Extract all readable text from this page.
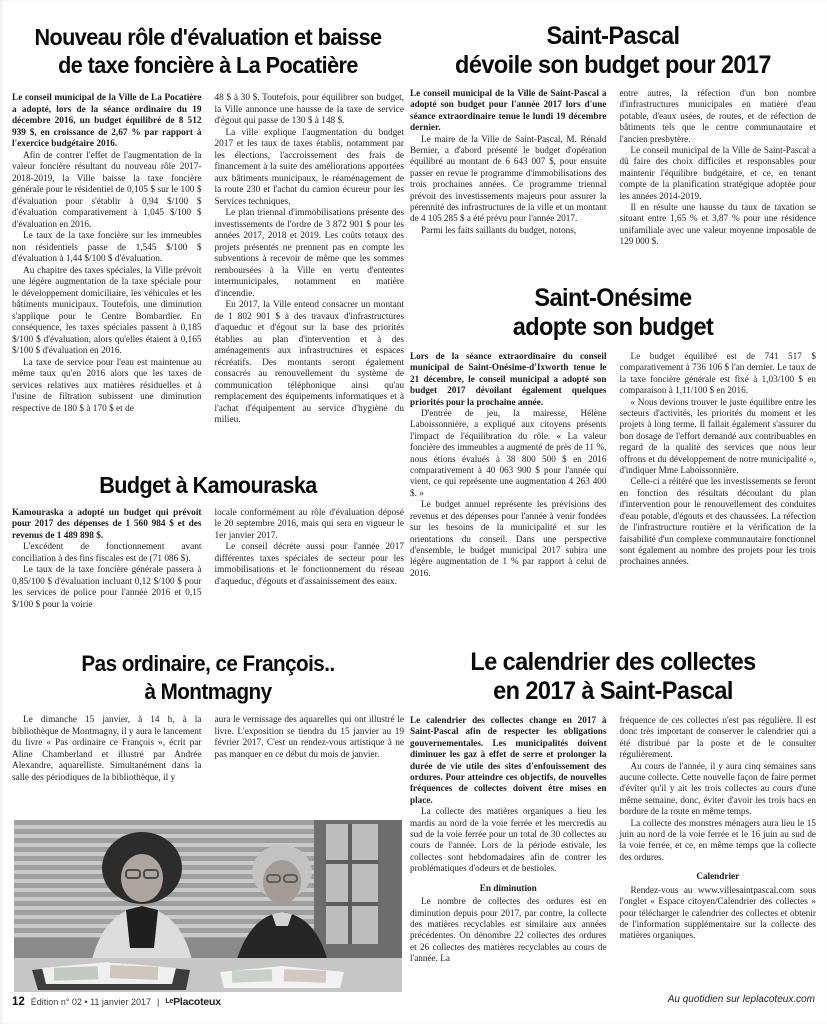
Nouveau rôle d'évaluation et baisse
de taxe foncière à La Pocatière

Le conseil municipal de la Ville de La Pocatière a adopté, lors de la séance ordinaire du 19 décembre 2016, un budget équilibré de 8 512 939 $, en croissance de 2,67 % par rapport à l'exercice budgétaire 2016.

Afin de contrer l'effet de l'augmentation de la valeur foncière résultant du nouveau rôle 2017-2018-2019, la Ville baisse la taxe foncière générale pour le résidentiel de 0,105 $ sur le 100 $ d'évaluation pour s'établir à 0,94 $/100 $ d'évaluation comparativement à 1,045 $/100 $ d'évaluation en 2016.

Le taux de la taxe foncière sur les immeubles non résidentiels passe de 1,545 $/100 $ d'évaluation à 1,44 $/100 $ d'évaluation.

Au chapitre des taxes spéciales, la Ville prévoit une légère augmentation de la taxe spéciale pour le développement domiciliaire, les véhicules et les bâtiments municipaux. Toutefois, une diminution s'applique pour le Centre Bombardier. En conséquence, les taxes spéciales passent à 0,185 $/100 $ d'évaluation, alors qu'elles étaient à 0,165 $/100 $ d'évaluation en 2016.

La taxe de service pour l'eau est maintenue au même taux qu'en 2016 alors que les taxes de services relatives aux matières résiduelles et à l'usine de filtration subissent une diminution respective de 180 $ à 170 $ et de

48 $ à 30 $. Toutefois, pour équilibrer son budget, la Ville annonce une hausse de la taxe de service d'égout qui passe de 130 $ à 148 $.

La ville explique l'augmentation du budget 2017 et les taux de taxes établis, notamment par les élections, l'accroissement des frais de financement à la suite des améliorations apportées aux bâtiments municipaux, le réaménagement de la route 230 et l'achat du camion écureur pour les Services techniques.

Le plan triennal d'immobilisations présente des investissements de l'ordre de 3 872 901 $ pour les années 2017, 2018 et 2019. Les coûts totaux des projets présentés ne prennent pas en compte les subventions à recevoir de même que les sommes remboursées à la Ville en vertu d'ententes intermunicipales, notamment en matière d'incendie.

En 2017, la Ville entend consacrer un montant de 1 802 901 $ à des travaux d'infrastructures d'aqueduc et d'égout sur la base des priorités établies au plan d'intervention et à des aménagements aux infrastructures et espaces récréatifs. Des montants seront également consacrés au renouvellement du système de communication téléphonique ainsi qu'au remplacement des équipements informatiques et à l'achat d'équipement au service d'hygiène du milieu.

Budget à Kamouraska

Kamouraska a adopté un budget qui prévoit pour 2017 des dépenses de 1 560 984 $ et des revenus de 1 489 898 $.

L'excédent de fonctionnement avant conciliation à des fins fiscales est de (71 086 $).

Le taux de la taxe foncière générale passera à 0,85/100 $ d'évaluation incluant 0,12 $/100 $ pour les services de police pour l'année 2016 et 0,15 $/100 $ pour la voirie

locale conformément au rôle d'évaluation déposé le 20 septembre 2016, mais qui sera en vigueur le 1er janvier 2017.

Le conseil décrète aussi pour l'année 2017 différentes taxes spéciales de secteur pour les immobilisations et le fonctionnement du réseau d'aqueduc, d'égouts et d'assainissement des eaux.

Pas ordinaire, ce François..
à Montmagny

Le dimanche 15 janvier, à 14 h, à la bibliothèque de Montmagny, il y aura le lancement du livre « Pas ordinaire ce François », écrit par Aline Chamberland et illustré par Andrée Alexandre, aquarelliste. Simultanément dans la salle des périodiques de la bibliothèque, il y

aura le vernissage des aquarelles qui ont illustré le livre. L'exposition se tiendra du 15 janvier au 19 février 2017. C'est un rendez-vous artistique à ne pas manquer en ce début du mois de janvier.

Saint-Pascal
dévoile son budget pour 2017

Le conseil municipal de la Ville de Saint-Pascal a adopté son budget pour l'année 2017 lors d'une séance extraordinaire tenue le lundi 19 décembre dernier.

Le maire de la Ville de Saint-Pascal, M. Rénald Bernier, a d'abord présenté le budget d'opération équilibré au montant de 6 643 007 $, pour ensuite passer en revue le programme d'immobilisations des trois prochaines années. Ce programme triennal prévoit des investissements majeurs pour assurer la pérennité des infrastructures de la ville et un montant de 4 105 285 $ a été prévu pour l'année 2017.

Parmi les faits saillants du budget, notons,

entre autres, la réfection d'un bon nombre d'infrastructures municipales en matière d'eau potable, d'eaux usées, de routes, et de réfection de bâtiments tels que le centre communautaire et l'ancien presbytère.

Le conseil municipal de la Ville de Saint-Pascal a dû faire des choix difficiles et responsables pour maintenir l'équilibre budgétaire, et ce, en tenant compte de la planification stratégique adoptée pour les années 2014-2019.

Il en résulte une hausse du taux de taxation se situant entre 1,65 % et 3,87 % pour une résidence unifamiliale avec une valeur moyenne imposable de 129 000 $.

Saint-Onésime
adopte son budget

Lors de la séance extraordinaire du conseil municipal de Saint-Onésime-d'Ixworth tenue le 21 décembre, le conseil municipal a adopté son budget 2017 dévoilant également quelques priorités pour la prochaine année.

D'entrée de jeu, la mairesse, Hélène Laboissonnière, a expliqué aux citoyens présents l'impact de l'équilibration du rôle. « La valeur foncière des immeubles a augmenté de près de 11 %, nous étions évalués à 38 800 500 $ en 2016 comparativement à 40 063 900 $ pour l'année qui vient, ce qui représente une augmentation 4 263 400 $. »

Le budget annuel représente les prévisions des revenus et des dépenses pour l'année à venir fondées sur les besoins de la municipalité et sur les orientations du conseil. Dans une perspective d'ensemble, le budget municipal 2017 subira une légère augmentation de 1 % par rapport à celui de 2016.

Le budget équilibré est de 741 517 $ comparativement à 736 106 $ l'an dernier. Le taux de la taxe foncière générale est fixé à 1,03/100 $ en comparaison à 1,11/100 $ en 2016.

« Nous devions trouver le juste équilibre entre les secteurs d'activités, les priorités du moment et les projets à long terme. Il fallait également s'assurer du bon dosage de l'effort demandé aux contribuables en regard de la qualité des services que nous leur offrons et du développement de notre municipalité », d'indiquer Mme Laboissonnière.

Celle-ci a réitéré que les investissements se feront en fonction des résultats découlant du plan d'intervention pour le renouvellement des conduites d'eau potable, d'égouts et des chaussées. La réfection de l'infrastructure routière et la vérification de la faisabilité d'un complexe communautaire fonctionnel sont également au nombre des projets pour les trois prochaines années.

Le calendrier des collectes
en 2017 à Saint-Pascal

Le calendrier des collectes change en 2017 à Saint-Pascal afin de respecter les obligations gouvernementales. Les municipalités doivent diminuer les gaz à effet de serre et prolonger la durée de vie utile des sites d'enfouissement des ordures. Pour atteindre ces objectifs, de nouvelles fréquences de collectes doivent être mises en place.

La collecte des matières organiques a lieu les mardis au nord de la voie ferrée et les mercredis au sud de la voie ferrée pour un total de 30 collectes au cours de l'année. Lors de la période estivale, les collectes sont hebdomadaires afin de contrer les problématiques d'odeurs et de bestioles.

En diminution

Le nombre de collectes des ordures est en diminution depuis pour 2017, par contre, la collecte des matières recyclables est similaire aux années précédentes. On dénombre 22 collectes des ordures et 26 collectes des matières recyclables au cours de l'année. La

fréquence de ces collectes n'est pas régulière. Il est donc très important de conserver le calendrier qui a été distribué par la poste et de le consulter régulièrement.

Au cours de l'année, il y aura cinq semaines sans aucune collecte. Cette nouvelle façon de faire permet d'éviter qu'il y ait les trois collectes au cours d'une même semaine, donc, éviter d'avoir les trois bacs en bordure de la route en même temps.

La collecte des monstres ménagers aura lieu le 15 juin au nord de la voie ferrée et le 16 juin au sud de la voie ferrée, et ce, en même temps que la collecte des ordures.

Calendrier

Rendez-vous au www.villesaintpascal.com sous l'onglet « Espace citoyen/Calendrier des collectes » pour télécharger le calendrier des collectes et obtenir de l'information supplémentaire sur la collecte des matières organiques.

12 Édition n° 02 • 11 janvier 2017 | LePlacoteux	Au quotidien sur leplacoteux.com
